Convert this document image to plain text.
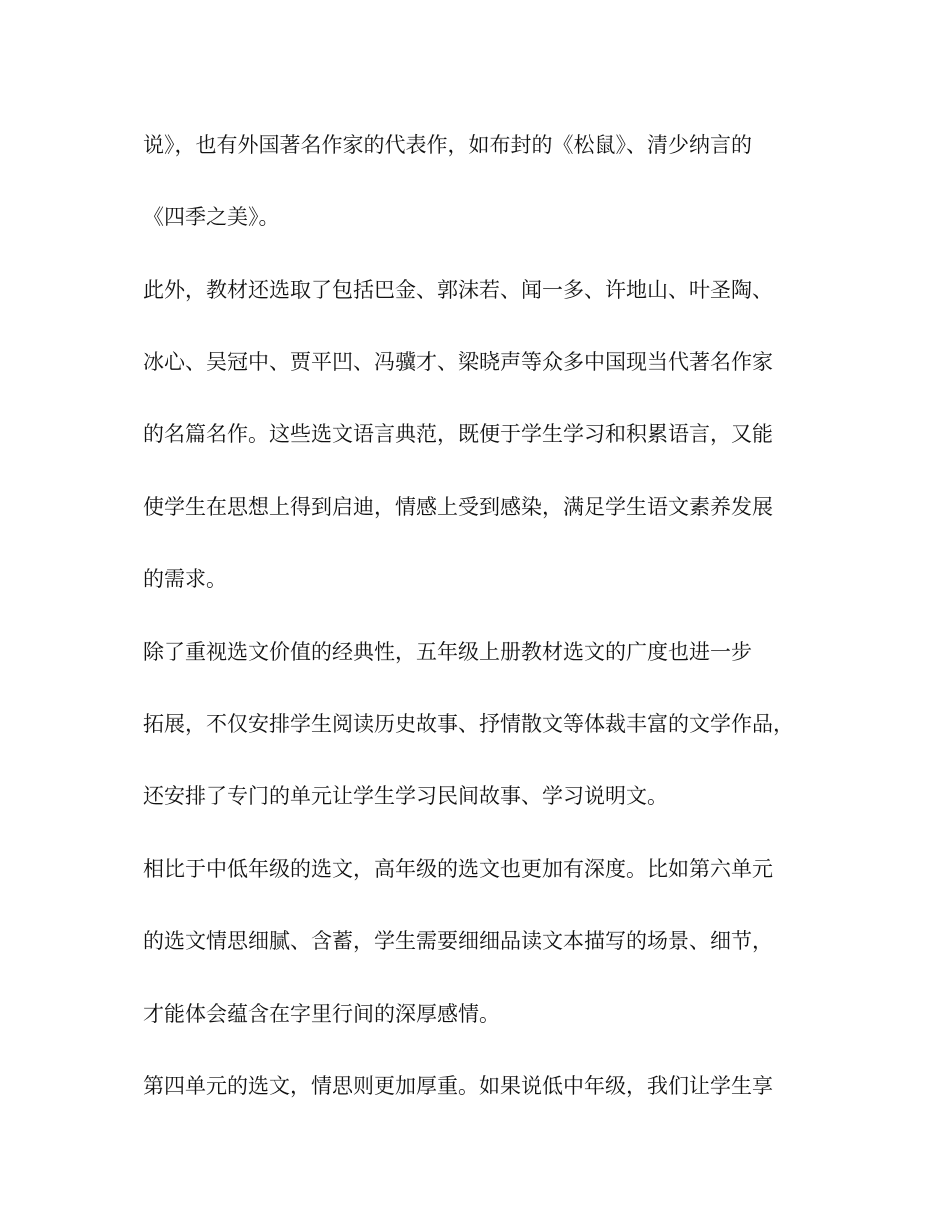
说》，也有外国著名作家的代表作，如布封的《松鼠》、清少纳言的
《四季之美》。
此外，教材还选取了包括巴金、郭沫若、闻一多、许地山、叶圣陶、
冰心、吴冠中、贾平凹、冯骥才、梁晓声等众多中国现当代著名作家
的名篇名作。这些选文语言典范，既便于学生学习和积累语言，又能
使学生在思想上得到启迪，情感上受到感染，满足学生语文素养发展
的需求。
除了重视选文价值的经典性，五年级上册教材选文的广度也进一步
拓展，不仅安排学生阅读历史故事、抒情散文等体裁丰富的文学作品，
还安排了专门的单元让学生学习民间故事、学习说明文。
相比于中低年级的选文，高年级的选文也更加有深度。比如第六单元
的选文情思细腻、含蓄，学生需要细细品读文本描写的场景、细节，
才能体会蕴含在字里行间的深厚感情。
第四单元的选文，情思则更加厚重。如果说低中年级，我们让学生享
